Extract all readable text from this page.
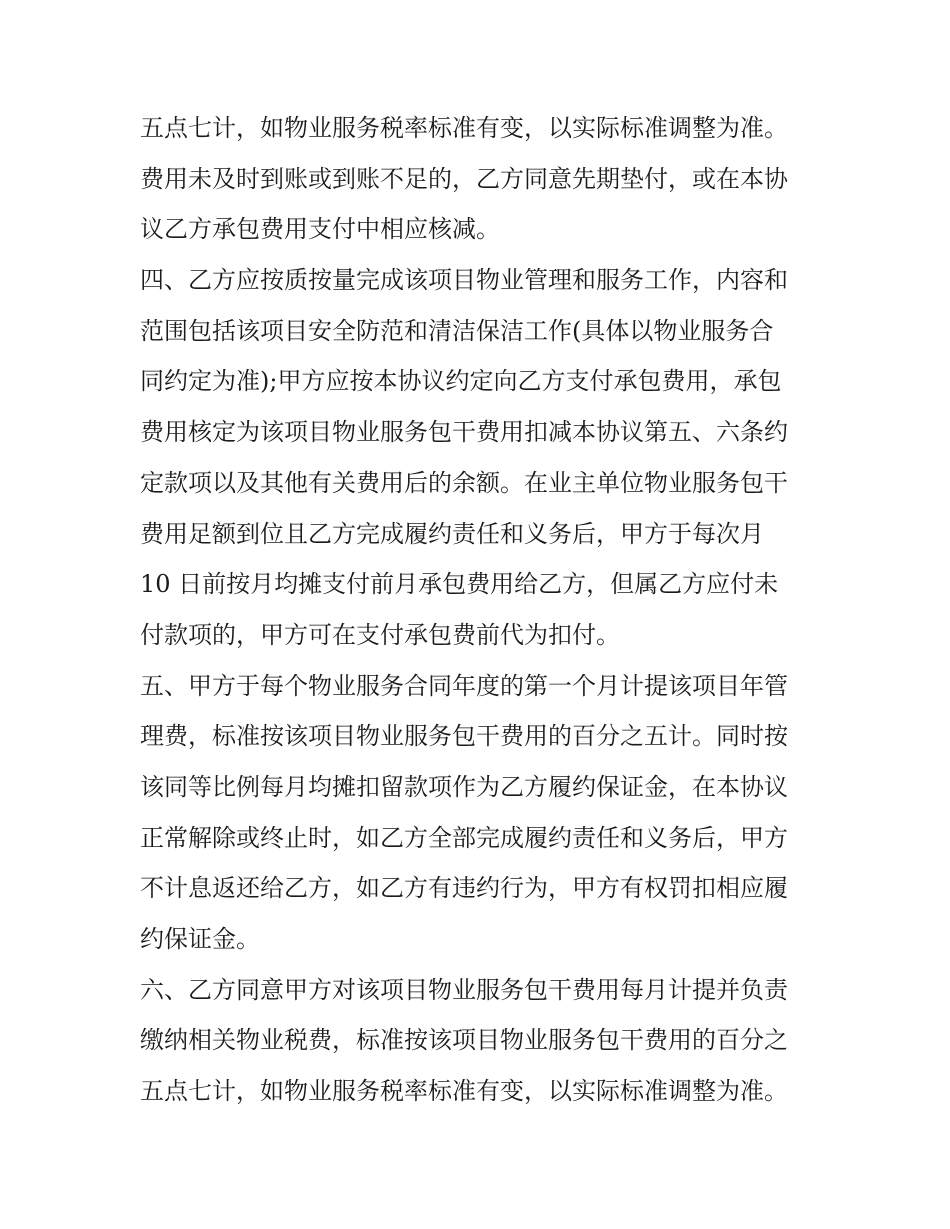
五点七计，如物业服务税率标准有变，以实际标准调整为准。
费用未及时到账或到账不足的，乙方同意先期垫付，或在本协
议乙方承包费用支付中相应核减。
四、乙方应按质按量完成该项目物业管理和服务工作，内容和
范围包括该项目安全防范和清洁保洁工作(具体以物业服务合
同约定为准);甲方应按本协议约定向乙方支付承包费用，承包
费用核定为该项目物业服务包干费用扣减本协议第五、六条约
定款项以及其他有关费用后的余额。在业主单位物业服务包干
费用足额到位且乙方完成履约责任和义务后，甲方于每次月
10 日前按月均摊支付前月承包费用给乙方，但属乙方应付未
付款项的，甲方可在支付承包费前代为扣付。
五、甲方于每个物业服务合同年度的第一个月计提该项目年管
理费，标准按该项目物业服务包干费用的百分之五计。同时按
该同等比例每月均摊扣留款项作为乙方履约保证金，在本协议
正常解除或终止时，如乙方全部完成履约责任和义务后，甲方
不计息返还给乙方，如乙方有违约行为，甲方有权罚扣相应履
约保证金。
六、乙方同意甲方对该项目物业服务包干费用每月计提并负责
缴纳相关物业税费，标准按该项目物业服务包干费用的百分之
五点七计，如物业服务税率标准有变，以实际标准调整为准。
